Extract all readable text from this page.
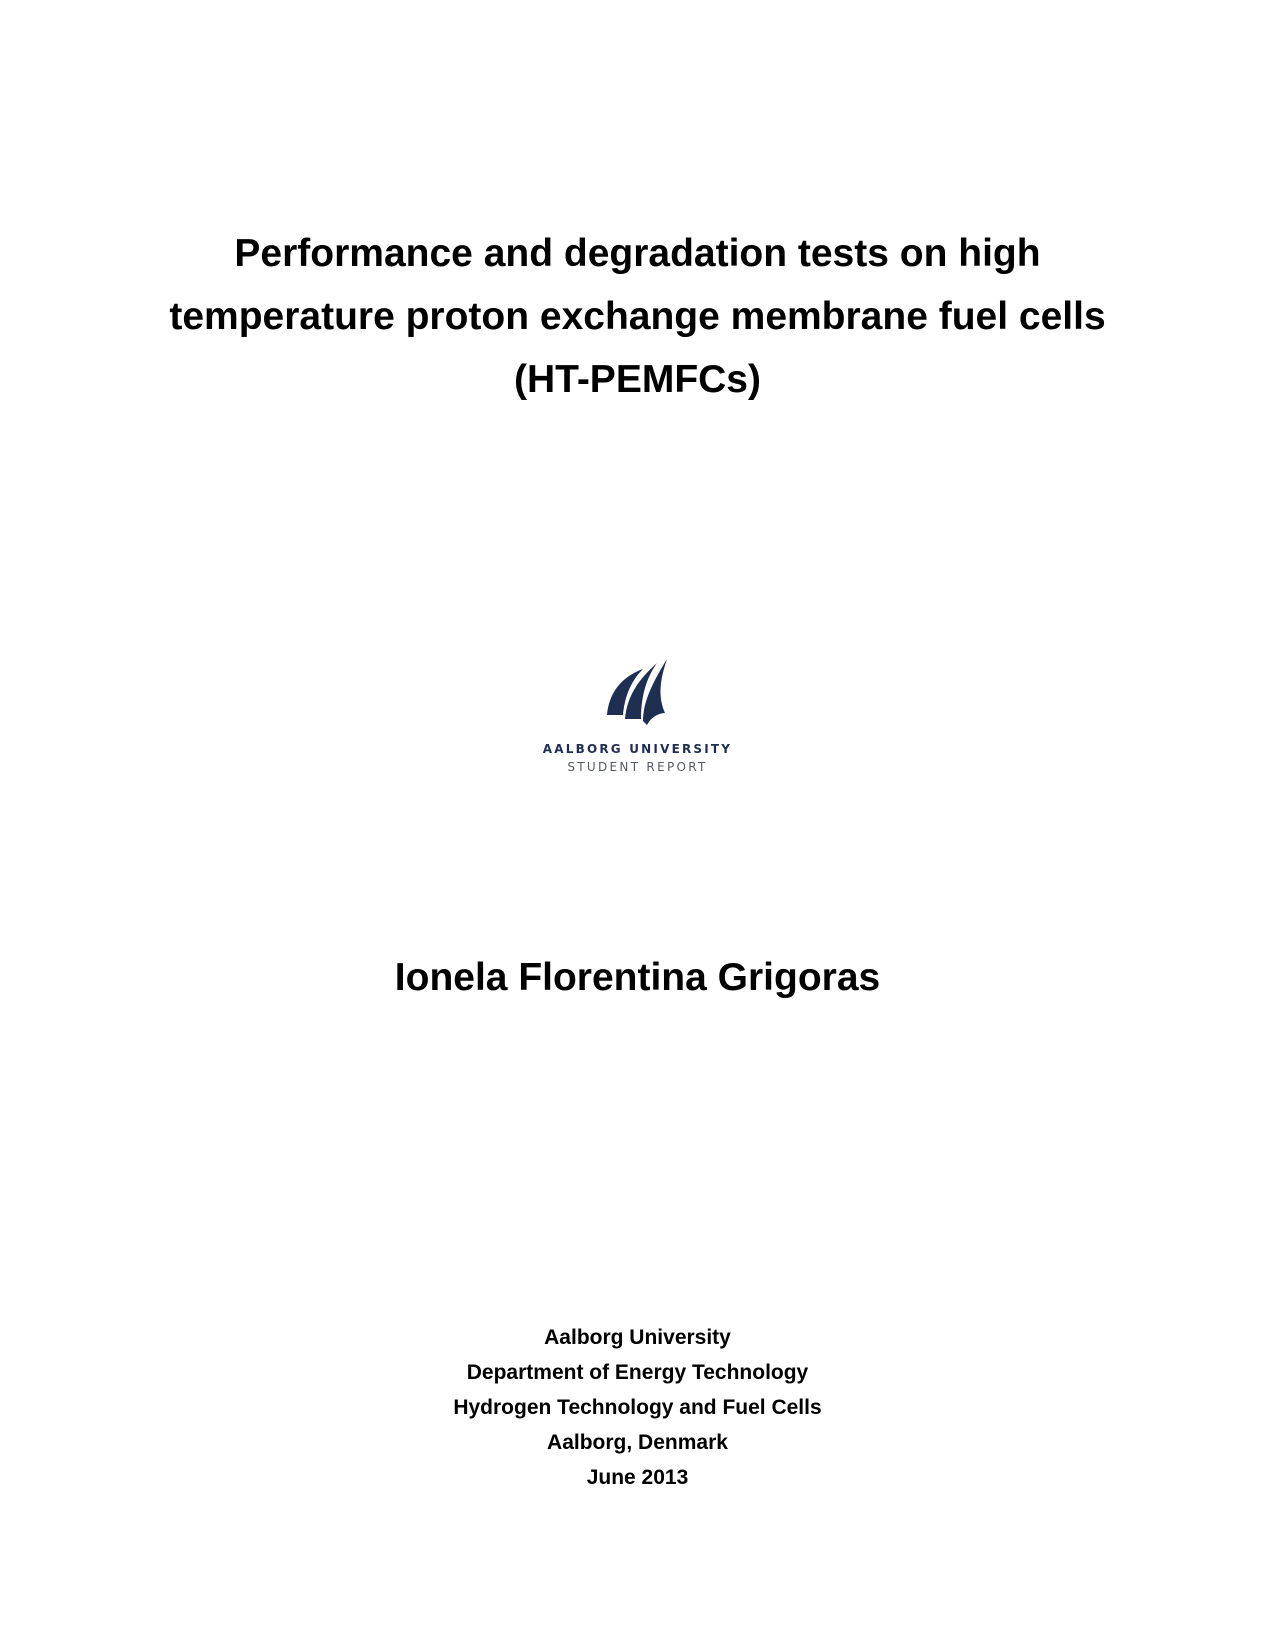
Performance and degradation tests on high
temperature proton exchange membrane fuel cells
(HT-PEMFCs)
AALBORG UNIVERSITY
STUDENT REPORT
Ionela Florentina Grigoras
Aalborg University
Department of Energy Technology
Hydrogen Technology and Fuel Cells
Aalborg, Denmark
June 2013
